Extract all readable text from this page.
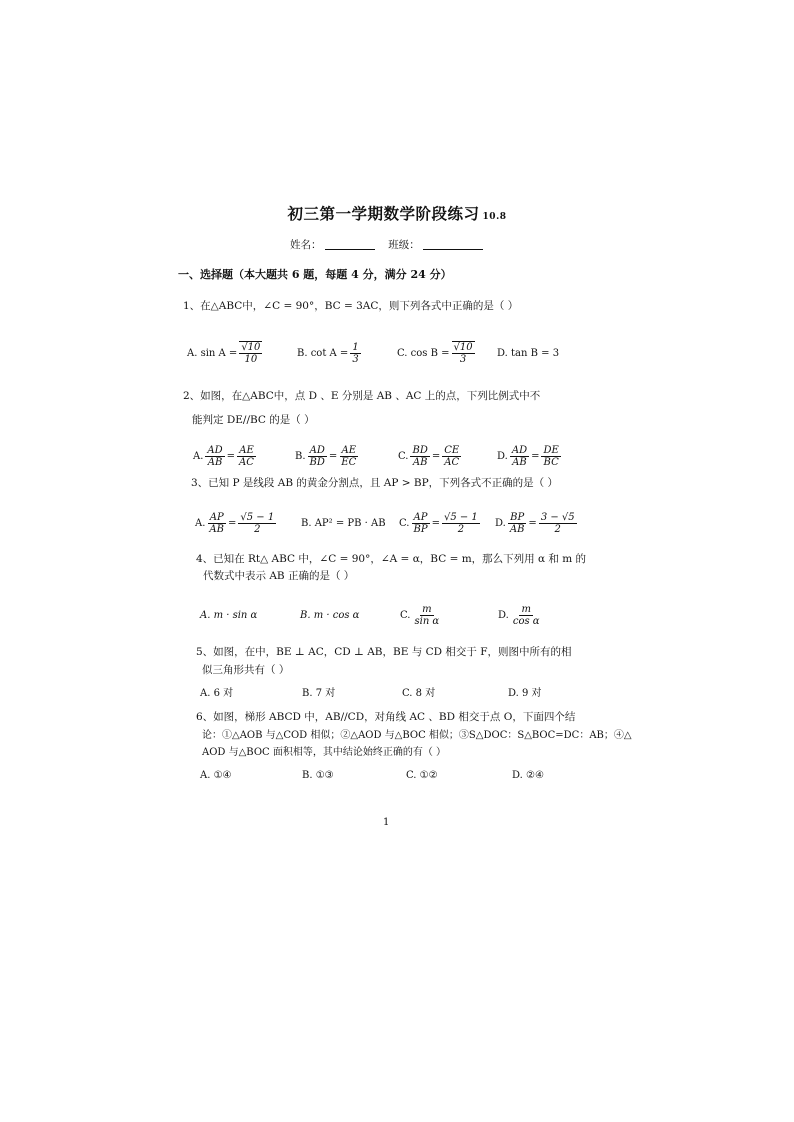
初三第一学期数学阶段练习 10.8
姓名：	班级：
一、选择题（本大题共 6 题，每题 4 分，满分 24 分）
1、在△ABC中，∠C = 90°，BC = 3AC，则下列各式中正确的是（ ）
A. $\sin A = \frac{√10}{10}$	B. $\cot A = \frac{1}{3}$	C. $\cos B = \frac{√10}{3} D$. tan B = 3
2、如图，在△ABC中，点 D 、E 分别是 AB 、AC 上的点，下列比例式中不
能判定 DE//BC 的是（ ）
A. $\frac{AD}{AB} = \frac{AE}{AC}$	B. $\frac{AD}{BD} = \frac{AE}{EC}$	C. $\frac{BD}{AB} = \frac{CE}{AC}$	D. $\frac{AD}{AB} = \frac{DE}{BC}$
3、已知 P 是线段 AB 的黄金分割点，且 AP > BP，下列各式不正确的是（ ）
A. $\frac{AP}{AB} = \frac{√5 - 1}{2} B$. AP² = PB · AB C. $\frac{AP}{BP} = \frac{√5 - 1}{2} D$. $\frac{BP}{AB} = \frac{3 - √5}{2}$
4、已知在 Rt△ ABC 中，∠C = 90°，∠A = α，BC = m，那么下列用 α 和 m 的
代数式中表示 AB 正确的是（ ）
A. m · sin α	B. m · cos α	C. $\frac{m}{\text{sin α}}$	D. $\frac{m}{\text{cos α}}$
5、如图，在中，BE ⊥ AC，CD ⊥ AB，BE 与 CD 相交于 F，则图中所有的相
似三角形共有（ ）
A. 6 对	B. 7 对	C. 8 对	D. 9 对
6、如图，梯形 ABCD 中，AB//CD，对角线 AC 、BD 相交于点 O，下面四个结
论：①△AOB 与△COD 相似；②△AOD 与△BOC 相似；③S△DOC：S△BOC=DC：AB；④△
AOD 与△BOC 面积相等，其中结论始终正确的有（ ）
A. ①④	B. ①③	C. ①②	D. ②④
1
